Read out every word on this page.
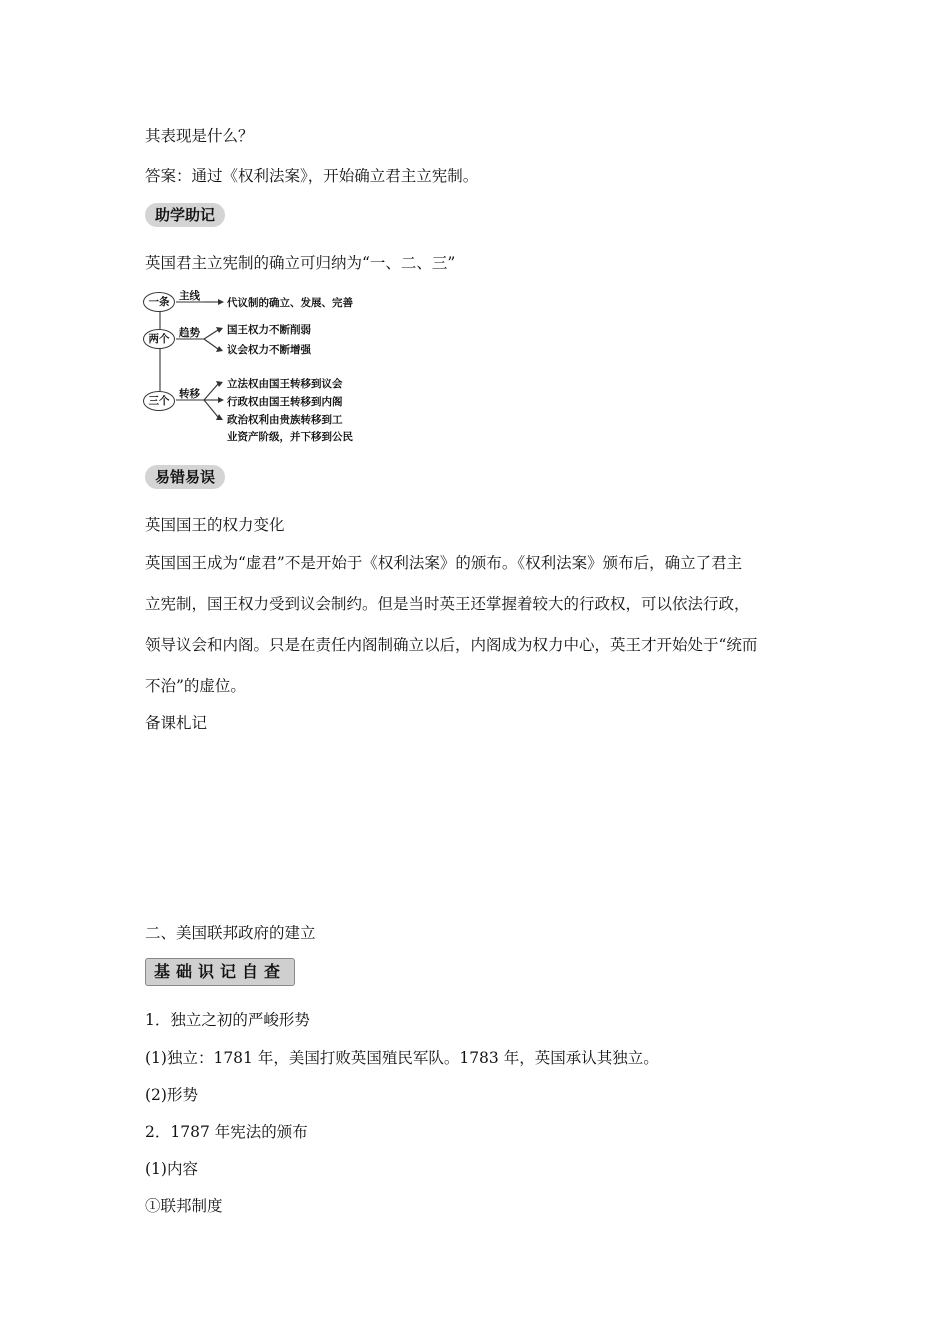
其表现是什么？
答案：通过《权利法案》，开始确立君主立宪制。
助学助记
英国君主立宪制的确立可归纳为“一、二、三”
一条
两个
三个
主线
趋势
转移
代议制的确立、发展、完善
国王权力不断削弱
议会权力不断增强
立法权由国王转移到议会
行政权由国王转移到内阁
政治权利由贵族转移到工
业资产阶级，并下移到公民
易错易误
英国国王的权力变化
英国国王成为“虚君”不是开始于《权利法案》的颁布。《权利法案》颁布后，确立了君主
立宪制，国王权力受到议会制约。但是当时英王还掌握着较大的行政权，可以依法行政，
领导议会和内阁。只是在责任内阁制确立以后，内阁成为权力中心，英王才开始处于“统而
不治”的虚位。
备课札记
二、美国联邦政府的建立
基础识记自查
1．独立之初的严峻形势
(1)独立：1781 年，美国打败英国殖民军队。1783 年，英国承认其独立。
(2)形势
2．1787 年宪法的颁布
(1)内容
①联邦制度
